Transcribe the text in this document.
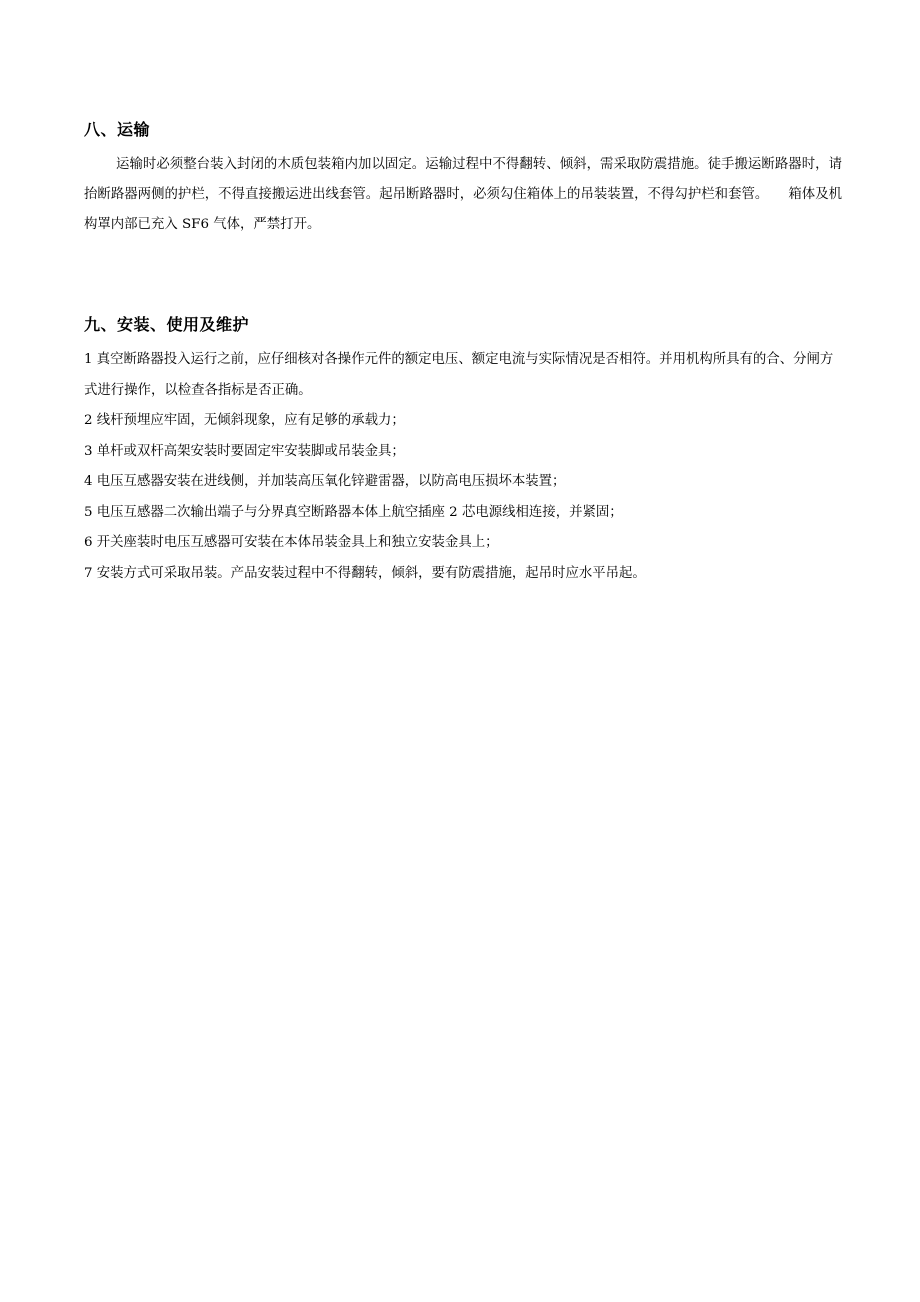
八、运输

运输时必须整台装入封闭的木质包装箱内加以固定。运输过程中不得翻转、倾斜，需采取防震措施。徒手搬运断路器时，请抬断路器两侧的护栏，不得直接搬运进出线套管。起吊断路器时，必须勾住箱体上的吊装装置，不得勾护栏和套管。 箱体及机构罩内部已充入 SF6 气体，严禁打开。

九、安装、使用及维护
1 真空断路器投入运行之前，应仔细核对各操作元件的额定电压、额定电流与实际情况是否相符。并用机构所具有的合、分闸方式进行操作，以检查各指标是否正确。
2 线杆预埋应牢固，无倾斜现象，应有足够的承载力；
3 单杆或双杆高架安装时要固定牢安装脚或吊装金具；
4 电压互感器安装在进线侧，并加装高压氧化锌避雷器，以防高电压损坏本装置；
5 电压互感器二次输出端子与分界真空断路器本体上航空插座 2 芯电源线相连接，并紧固；
6 开关座装时电压互感器可安装在本体吊装金具上和独立安装金具上；
7 安装方式可采取吊装。产品安装过程中不得翻转，倾斜，要有防震措施，起吊时应水平吊起。
